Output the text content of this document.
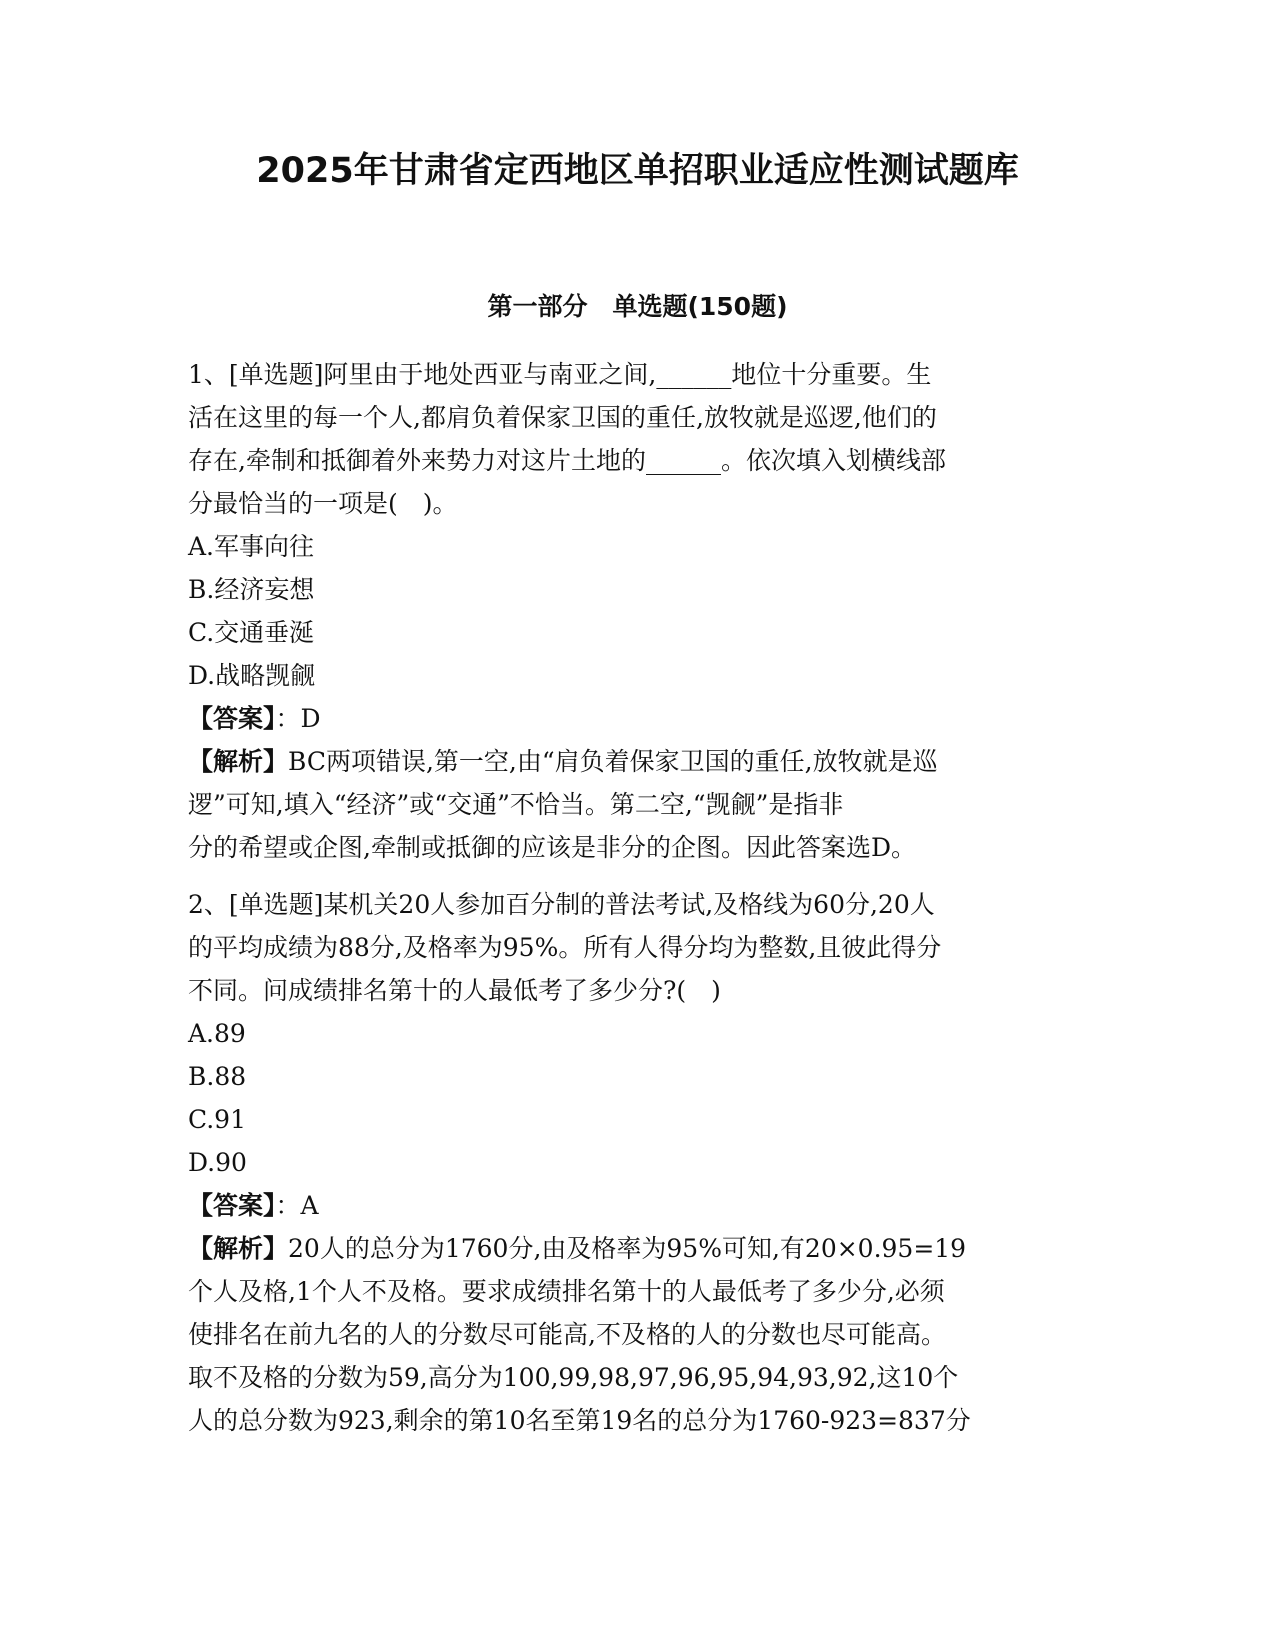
2025年甘肃省定西地区单招职业适应性测试题库
第一部分　单选题(150题)
1、[单选题]阿里由于地处西亚与南亚之间,______地位十分重要。生
活在这里的每一个人,都肩负着保家卫国的重任,放牧就是巡逻,他们的
存在,牵制和抵御着外来势力对这片土地的______。依次填入划横线部
分最恰当的一项是(　)。
A.军事向往
B.经济妄想
C.交通垂涎
D.战略觊觎
【答案】：D
【解析】BC两项错误,第一空,由“肩负着保家卫国的重任,放牧就是巡
逻”可知,填入“经济”或“交通”不恰当。第二空,“觊觎”是指非
分的希望或企图,牵制或抵御的应该是非分的企图。因此答案选D。
2、[单选题]某机关20人参加百分制的普法考试,及格线为60分,20人
的平均成绩为88分,及格率为95%。所有人得分均为整数,且彼此得分
不同。问成绩排名第十的人最低考了多少分?(　)
A.89
B.88
C.91
D.90
【答案】：A
【解析】20人的总分为1760分,由及格率为95%可知,有20×0.95=19
个人及格,1个人不及格。要求成绩排名第十的人最低考了多少分,必须
使排名在前九名的人的分数尽可能高,不及格的人的分数也尽可能高。
取不及格的分数为59,高分为100,99,98,97,96,95,94,93,92,这10个
人的总分数为923,剩余的第10名至第19名的总分为1760-923=837分
